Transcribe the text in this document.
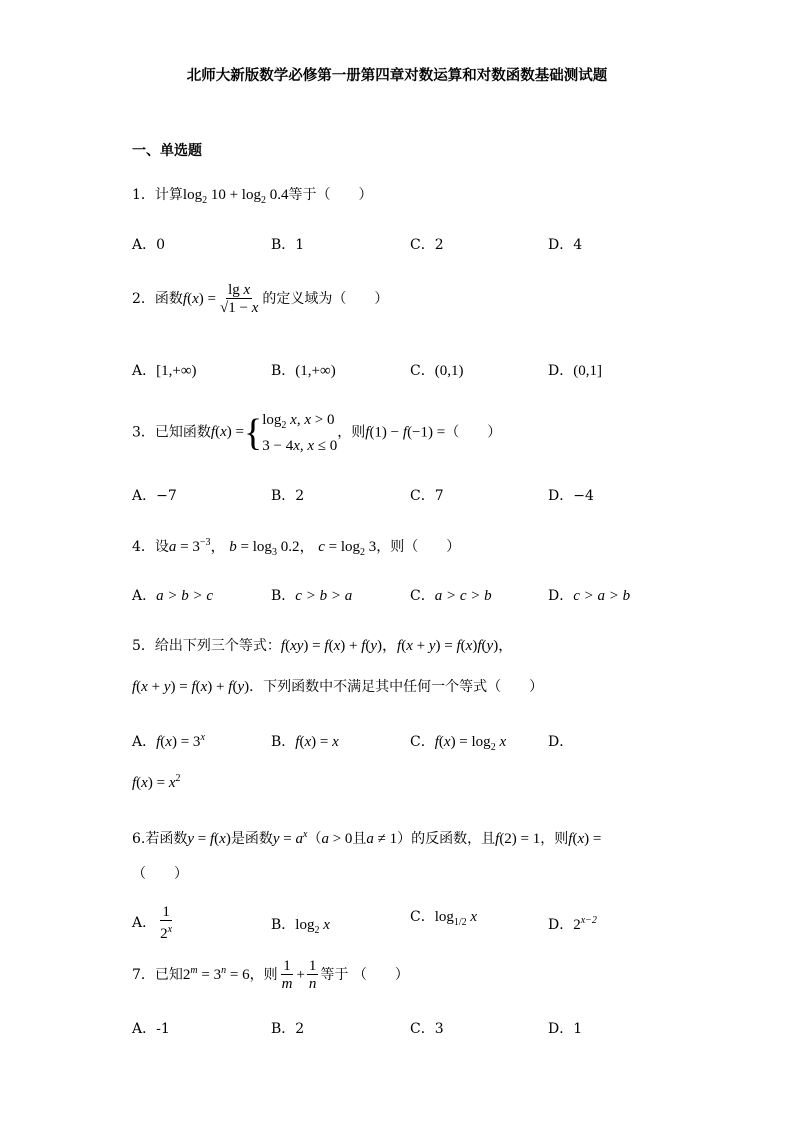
北师大新版数学必修第一册第四章对数运算和对数函数基础测试题
一、单选题
1．计算$\log_2 10 + \log_2 0.4$等于（　　）
A．0	B．1	C．2	D．4
2．函数$f(x) = \frac{\text{lg x}}{√1 - x}$ 的定义域为（　　）
A．[1,+∞)	B．(1,+∞)	C．(0,1)	D．(0,1]
3．已知函数f(x) ={ $\log_2 x$, x > 0
3 − 4x, x ≤ 0
，则f(1) − f(−1) =（　　）
A．−7	B．2	C．7	D．−4
4．设$a = 3^{-3}$， $b = \log_3 0.2$， $c = \log_2 3$，则（　　）
A．a > b > c	B．c > b > a	C．a > c > b	D．c > a > b
5．给出下列三个等式：f(xy) = f(x) + f(y)，f(x + y) = f(x)f(y)，
f(x + y) = f(x) + f(y)．下列函数中不满足其中任何一个等式（　　）
A．$f(x) = 3^x$	B．f(x) = x	C．$f(x) = \log_2 x$	D．
$f(x) = x^2$
6.若函数y = f(x)是函数$y = a^x(a > 0$且a ≠ 1）的反函数，且f(2) = 1，则f(x) =
（　　）
A． $\frac{1}{2^x}$	B．$\log_2 x$	C．$\log_{1/2} x$	D．$2^{x-2}$
7．已知$2^m = 3^n = 6$，则 $\frac{1}{m} + \frac{1}{n}$ 等于 （　　）
A．-1	B．2	C．3	D．1
